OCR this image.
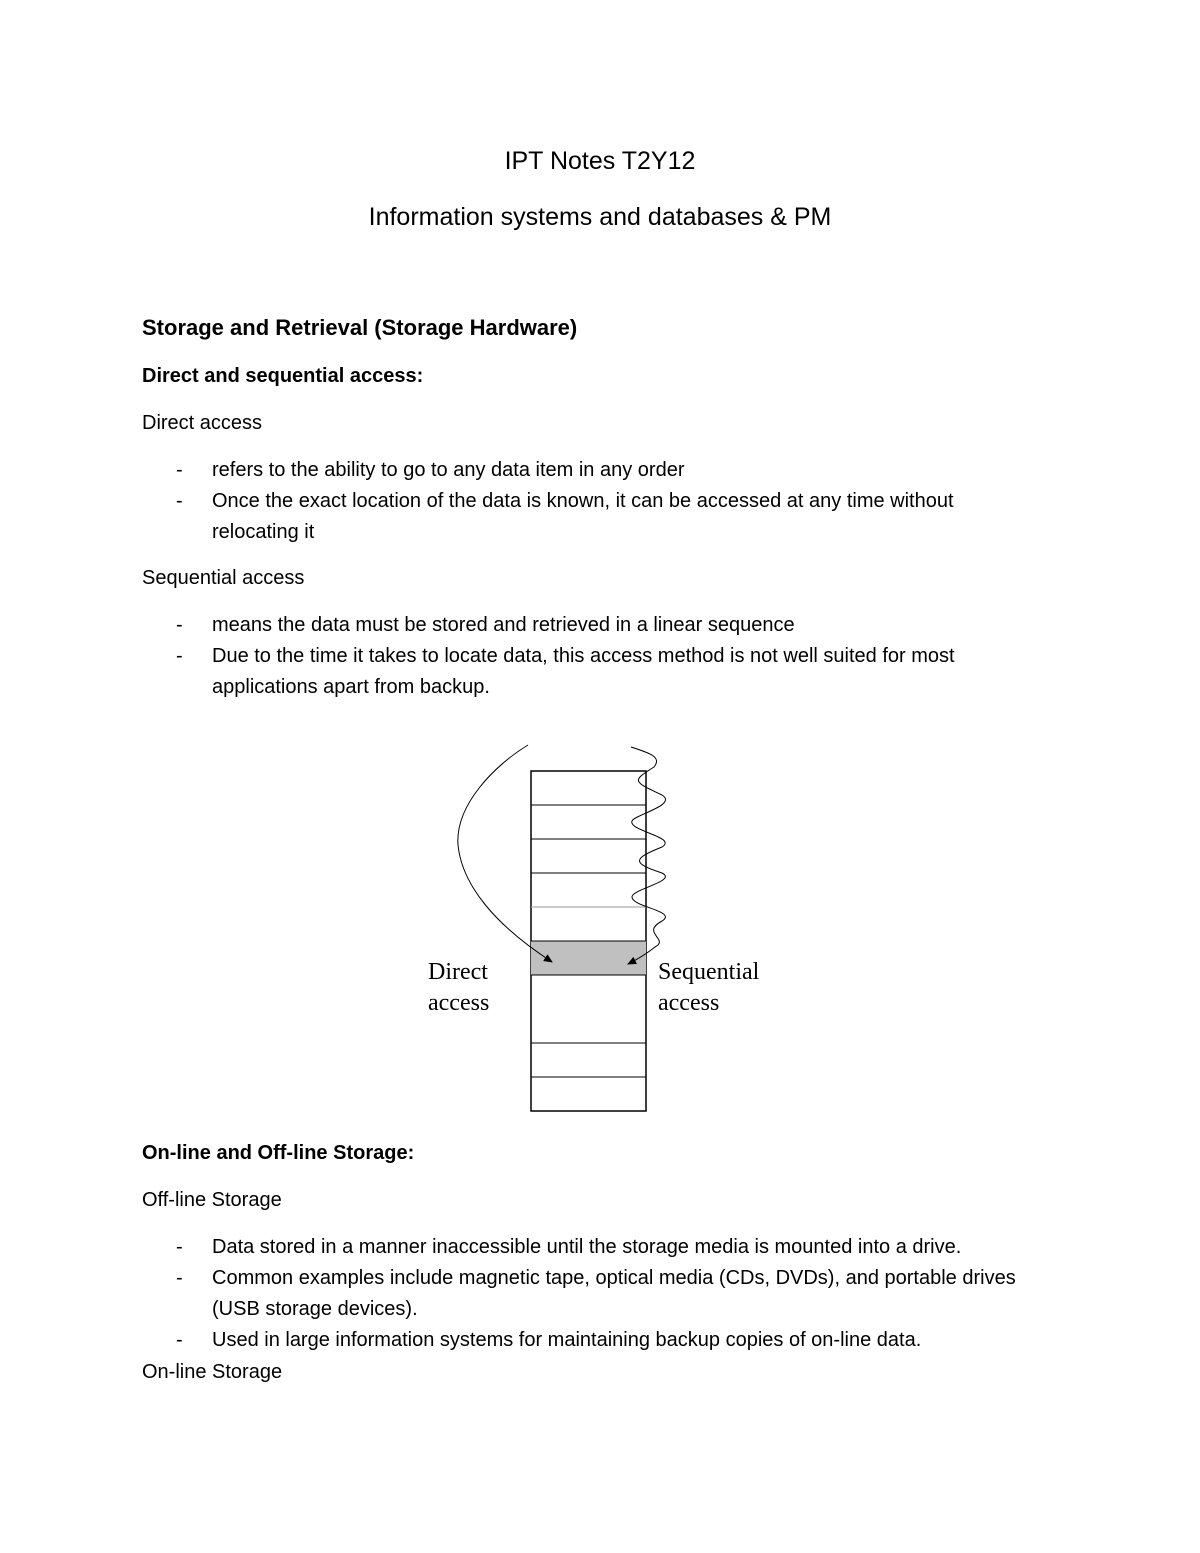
IPT Notes T2Y12
Information systems and databases & PM
Storage and Retrieval (Storage Hardware)
Direct and sequential access:

Direct access

- refers to the ability to go to any data item in any order
- Once the exact location of the data is known, it can be accessed at any time without relocating it

Sequential access

- means the data must be stored and retrieved in a linear sequence
- Due to the time it takes to locate data, this access method is not well suited for most applications apart from backup.
Direct
access
Sequential
access
On-line and Off-line Storage:

Off-line Storage

- Data stored in a manner inaccessible until the storage media is mounted into a drive.
- Common examples include magnetic tape, optical media (CDs, DVDs), and portable drives (USB storage devices).
- Used in large information systems for maintaining backup copies of on-line data.

On-line Storage
